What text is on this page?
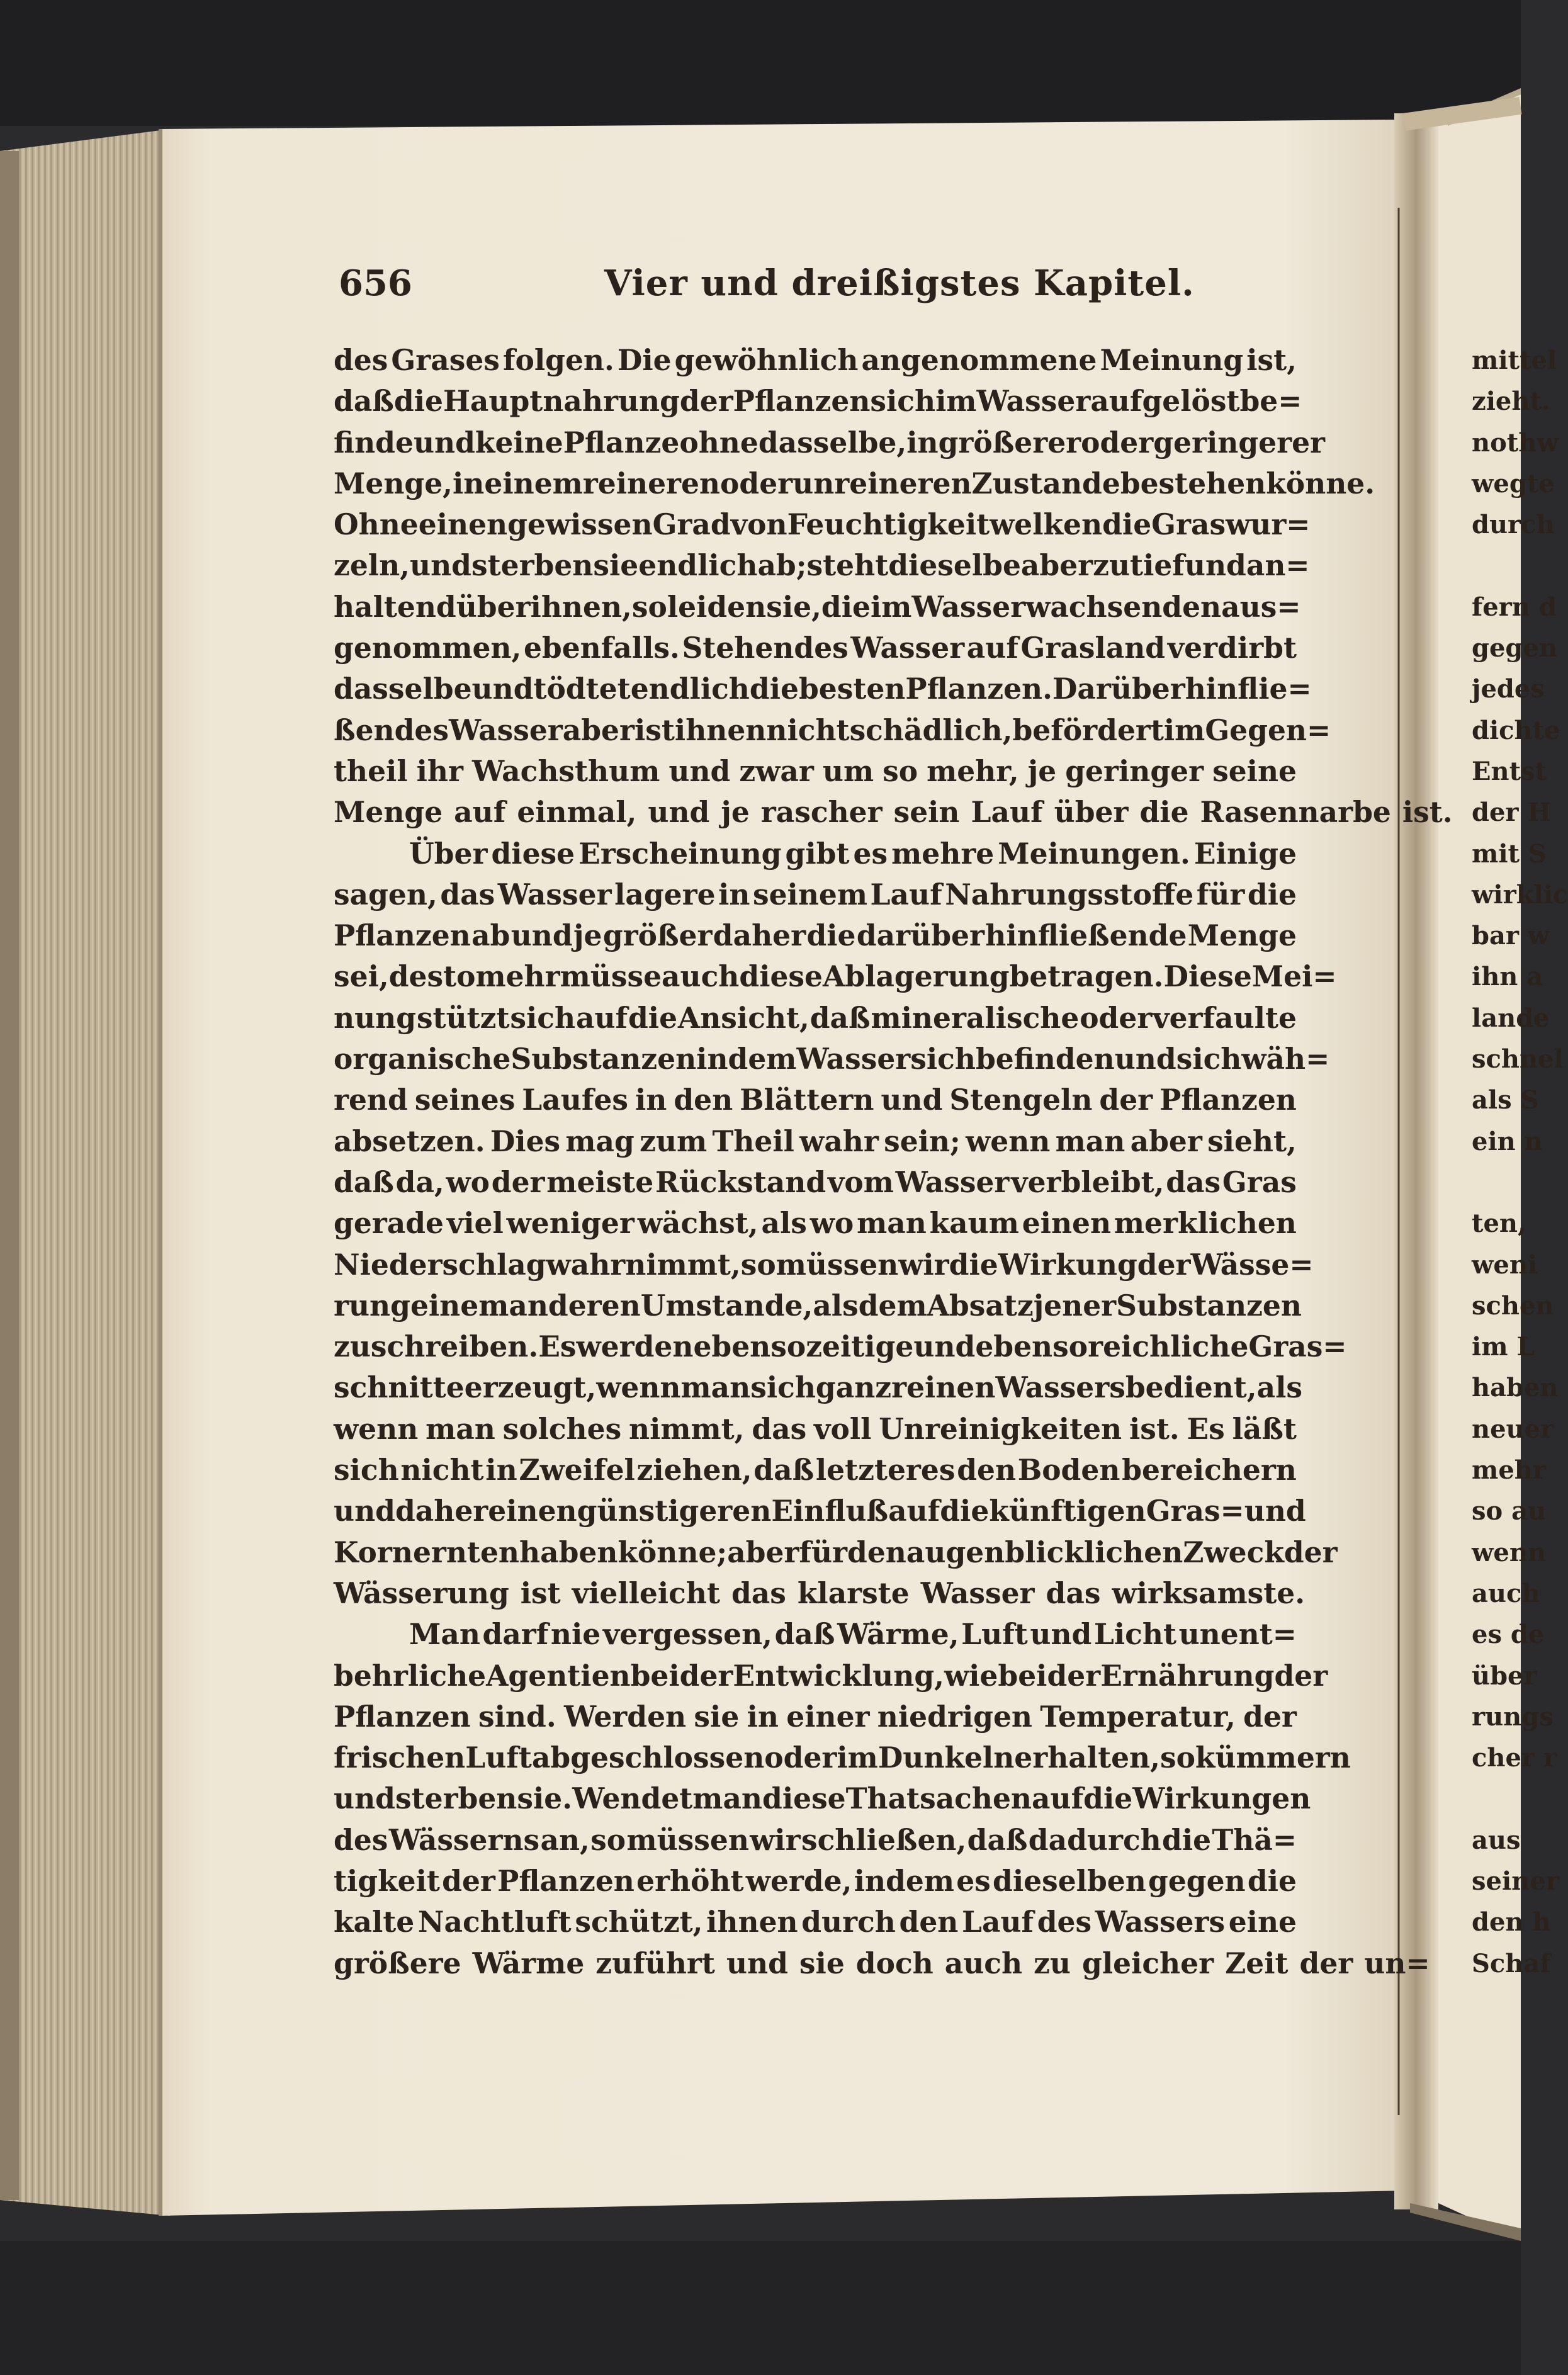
656	Vier und dreißigstes Kapitel.
des Grases folgen. Die gewöhnlich angenommene Meinung ist,
daß die Hauptnahrung der Pflanzen sich im Wasser aufgelöst be=
finde und keine Pflanze ohne dasselbe, in größerer oder geringerer
Menge, in einem reineren oder unreineren Zustande bestehen könne.
Ohne einen gewissen Grad von Feuchtigkeit welken die Graswur=
zeln, und sterben sie endlich ab; steht dieselbe aber zu tief und an=
haltend über ihnen, so leiden sie, die im Wasser wachsenden aus=
genommen, ebenfalls. Stehendes Wasser auf Grasland verdirbt
dasselbe und tödtet endlich die besten Pflanzen. Darüber hinflie=
ßendes Wasser aber ist ihnen nicht schädlich, befördert im Gegen=
theil ihr Wachsthum und zwar um so mehr, je geringer seine
Menge auf einmal, und je rascher sein Lauf über die Rasennarbe ist.
Über diese Erscheinung gibt es mehre Meinungen. Einige
sagen, das Wasser lagere in seinem Lauf Nahrungsstoffe für die
Pflanzen ab und je größer daher die darüber hinfließende Menge
sei, desto mehr müsse auch diese Ablagerung betragen. Diese Mei=
nung stützt sich auf die Ansicht, daß mineralische oder verfaulte
organische Substanzen in dem Wasser sich befinden und sich wäh=
rend seines Laufes in den Blättern und Stengeln der Pflanzen
absetzen. Dies mag zum Theil wahr sein; wenn man aber sieht,
daß da, wo der meiste Rückstand vom Wasser verbleibt, das Gras
gerade viel weniger wächst, als wo man kaum einen merklichen
Niederschlag wahrnimmt, so müssen wir die Wirkung der Wässe=
rung einem anderen Umstande, als dem Absatz jener Substanzen
zuschreiben. Es werden eben so zeitige und eben so reichliche Gras=
schnitte erzeugt, wenn man sich ganz reinen Wassers bedient, als
wenn man solches nimmt, das voll Unreinigkeiten ist. Es läßt
sich nicht in Zweifel ziehen, daß letzteres den Boden bereichern
und daher einen günstigeren Einfluß auf die künftigen Gras= und
Kornernten haben könne; aber für den augenblicklichen Zweck der
Wässerung ist vielleicht das klarste Wasser das wirksamste.
Man darf nie vergessen, daß Wärme, Luft und Licht unent=
behrliche Agentien bei der Entwicklung, wie bei der Ernährung der
Pflanzen sind. Werden sie in einer niedrigen Temperatur, der
frischen Luft abgeschlossen oder im Dunkeln erhalten, so kümmern
und sterben sie. Wendet man diese Thatsachen auf die Wirkungen
des Wässerns an, so müssen wir schließen, daß dadurch die Thä=
tigkeit der Pflanzen erhöht werde, indem es dieselben gegen die
kalte Nachtluft schützt, ihnen durch den Lauf des Wassers eine
größere Wärme zuführt und sie doch auch zu gleicher Zeit der un=
mittel
zieht.
nothw
wegte
durch
fern d
gegen
jedes
dichte
Entst
der H
mit S
wirklic
bar w
ihn a
lande
schnel
als S
ein n
ten,
weni
schen
im L
haben
neuer
mehr
so au
wenn
auch
es de
über
rungs
cher r
aus
seiner
den h
Schaf
